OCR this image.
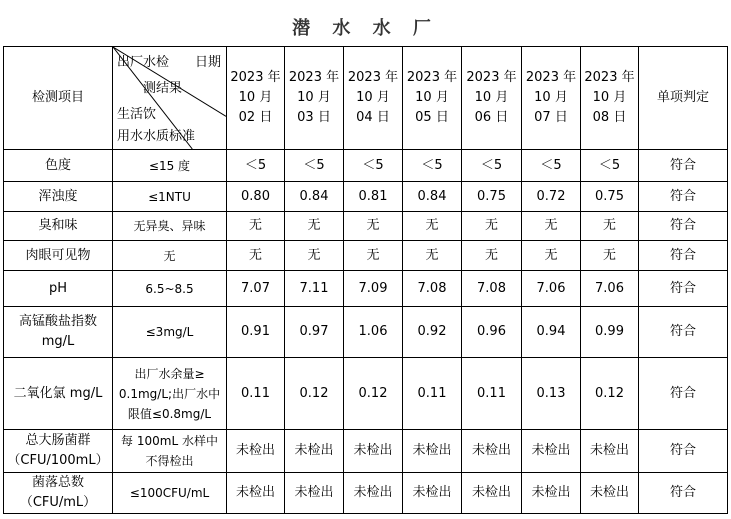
潜 水 水 厂
检测项目	出厂水检 日期
测结果
生活饮
用水水质标准	2023 年
10 月
02 日	2023 年
10 月
03 日	2023 年
10 月
04 日	2023 年
10 月
05 日	2023 年
10 月
06 日	2023 年
10 月
07 日	2023 年
10 月
08 日	单项判定

色度	≤15 度	＜5	＜5	＜5	＜5	＜5	＜5	＜5	符合

浑浊度	≤1NTU	0.80	0.84	0.81	0.84	0.75	0.72	0.75	符合

臭和味	无异臭、异味	无	无	无	无	无	无	无	符合

肉眼可见物	无	无	无	无	无	无	无	无	符合

pH	6.5~8.5	7.07	7.11	7.09	7.08	7.08	7.06	7.06	符合

高锰酸盐指数
mg/L	≤3mg/L	0.91	0.97	1.06	0.92	0.96	0.94	0.99	符合

二氧化氯 mg/L	出厂水余量≥
0.1mg/L;出厂水中
限值≤0.8mg/L	0.11	0.12	0.12	0.11	0.11	0.13	0.12	符合

总大肠菌群
（CFU/100mL）	每 100mL 水样中
不得检出	未检出	未检出	未检出	未检出	未检出	未检出	未检出	符合

菌落总数
（CFU/mL）	≤100CFU/mL	未检出	未检出	未检出	未检出	未检出	未检出	未检出	符合
